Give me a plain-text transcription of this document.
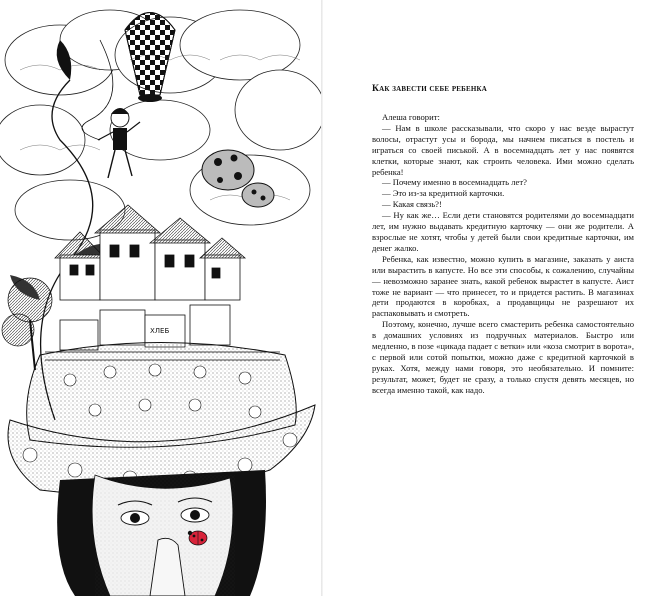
ХЛЕБ
Как завести себе ребенка

Алеша говорит:

— Нам в школе рассказывали, что скоро у нас везде вырастут волосы, отрастут усы и борода, мы начнем писаться в постель и играться со своей писькой. А в восемнадцать лет у нас появятся клетки, которые знают, как строить человека. Ими можно сделать ребенка!

— Почему именно в восемнадцать лет?

— Это из-за кредитной карточки.

— Какая связь?!

— Ну как же… Если дети становятся родителями до восемнадцати лет, им нужно выдавать кредитную карточку — они же родители. А взрослые не хотят, чтобы у детей были свои кредитные карточки, им денег жалко.

Ребенка, как известно, можно купить в магазине, заказать у аиста или вырастить в капусте. Но все эти способы, к сожалению, случайны — невозможно заранее знать, какой ребенок вырастет в капусте. Аист тоже не вариант — что принесет, то и придется растить. В магазинах дети продаются в коробках, а продавщицы не разрешают их распаковывать и смотреть.

Поэтому, конечно, лучше всего смастерить ребенка самостоятельно в домашних условиях из подручных материалов. Быстро или медленно, в позе «цикада падает с ветки» или «коза смотрит в ворота», с первой или сотой попытки, можно даже с кредитной карточкой в руках. Хотя, между нами говоря, это необязательно. И помните: результат, может, будет не сразу, а только спустя девять месяцев, но всегда именно такой, как надо.
